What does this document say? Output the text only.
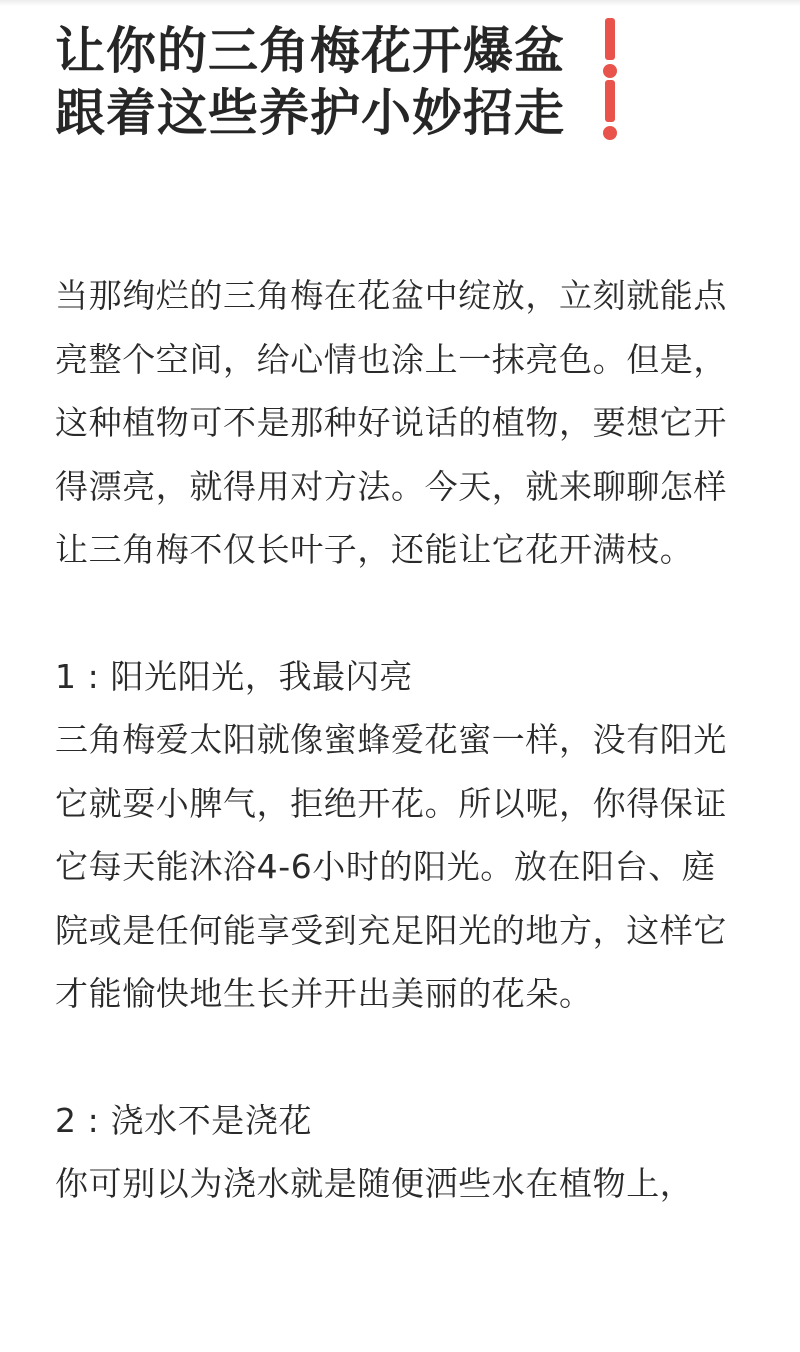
让你的三角梅花开爆盆
跟着这些养护小妙招走

当那绚烂的三角梅在花盆中绽放，立刻就能点亮整个空间，给心情也涂上一抹亮色。但是，这种植物可不是那种好说话的植物，要想它开得漂亮，就得用对方法。今天，就来聊聊怎样让三角梅不仅长叶子，还能让它花开满枝。

1 : 阳光阳光，我最闪亮

三角梅爱太阳就像蜜蜂爱花蜜一样，没有阳光它就耍小脾气，拒绝开花。所以呢，你得保证它每天能沐浴4-6小时的阳光。放在阳台、庭院或是任何能享受到充足阳光的地方，这样它才能愉快地生长并开出美丽的花朵。

2 : 浇水不是浇花

你可别以为浇水就是随便洒些水在植物上，
